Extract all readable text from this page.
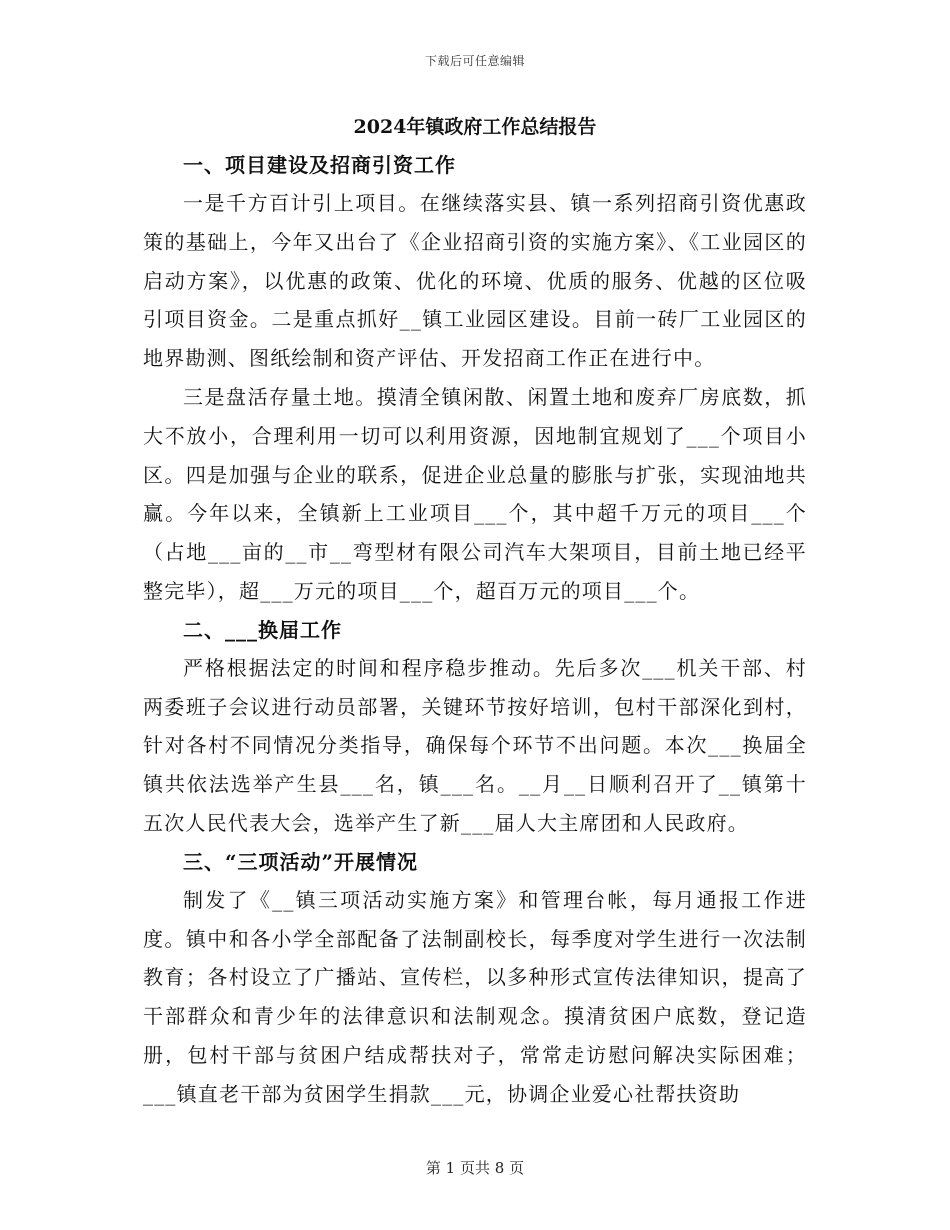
下载后可任意编辑
2024年镇政府工作总结报告
一、项目建设及招商引资工作
一是千方百计引上项目。在继续落实县、镇一系列招商引资优惠政策的基础上，今年又出台了《企业招商引资的实施方案》、《工业园区的启动方案》，以优惠的政策、优化的环境、优质的服务、优越的区位吸引项目资金。二是重点抓好__镇工业园区建设。目前一砖厂工业园区的地界勘测、图纸绘制和资产评估、开发招商工作正在进行中。
三是盘活存量土地。摸清全镇闲散、闲置土地和废弃厂房底数，抓大不放小，合理利用一切可以利用资源，因地制宜规划了___个项目小区。四是加强与企业的联系，促进企业总量的膨胀与扩张，实现油地共赢。今年以来，全镇新上工业项目___个，其中超千万元的项目___个（占地___亩的__市__弯型材有限公司汽车大架项目，目前土地已经平整完毕），超___万元的项目___个，超百万元的项目___个。
二、___换届工作
严格根据法定的时间和程序稳步推动。先后多次___机关干部、村两委班子会议进行动员部署，关键环节按好培训，包村干部深化到村，针对各村不同情况分类指导，确保每个环节不出问题。本次___换届全镇共依法选举产生县___名，镇___名。__月__日顺利召开了__镇第十五次人民代表大会，选举产生了新___届人大主席团和人民政府。
三、“三项活动”开展情况
制发了《__镇三项活动实施方案》和管理台帐，每月通报工作进度。镇中和各小学全部配备了法制副校长，每季度对学生进行一次法制教育；各村设立了广播站、宣传栏，以多种形式宣传法律知识，提高了干部群众和青少年的法律意识和法制观念。摸清贫困户底数，登记造册，包村干部与贫困户结成帮扶对子，常常走访慰问解决实际困难；___镇直老干部为贫困学生捐款___元，协调企业爱心社帮扶资助
第 1 页共 8 页
